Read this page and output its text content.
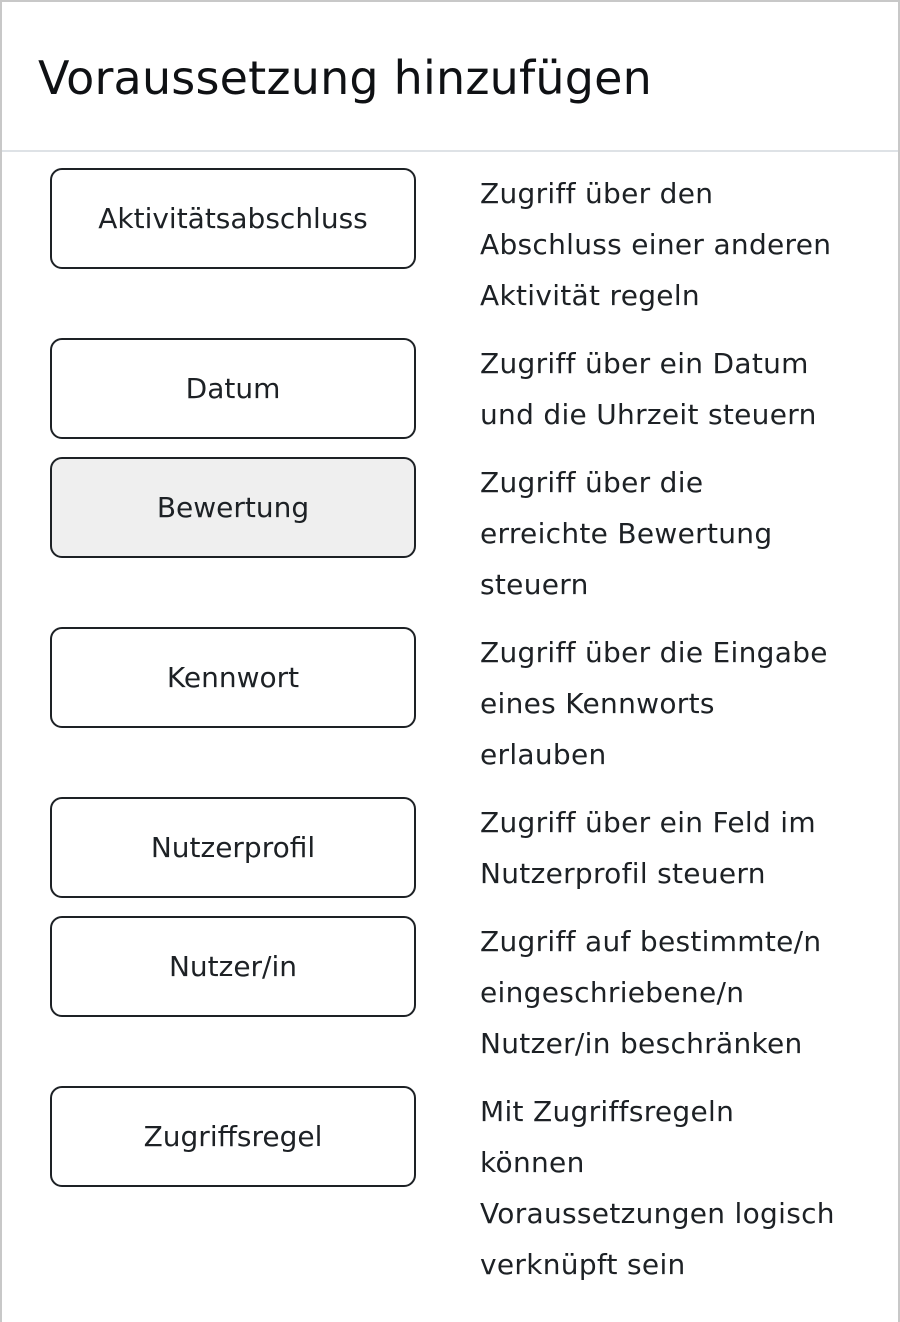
Voraussetzung hinzufügen
Aktivitätsabschluss
Zugriff über den
Abschluss einer anderen
Aktivität regeln
Datum
Zugriff über ein Datum
und die Uhrzeit steuern
Bewertung
Zugriff über die
erreichte Bewertung
steuern
Kennwort
Zugriff über die Eingabe
eines Kennworts
erlauben
Nutzerprofil
Zugriff über ein Feld im
Nutzerprofil steuern
Nutzer/in
Zugriff auf bestimmte/n
eingeschriebene/n
Nutzer/in beschränken
Zugriffsregel
Mit Zugriffsregeln
können
Voraussetzungen logisch
verknüpft sein
